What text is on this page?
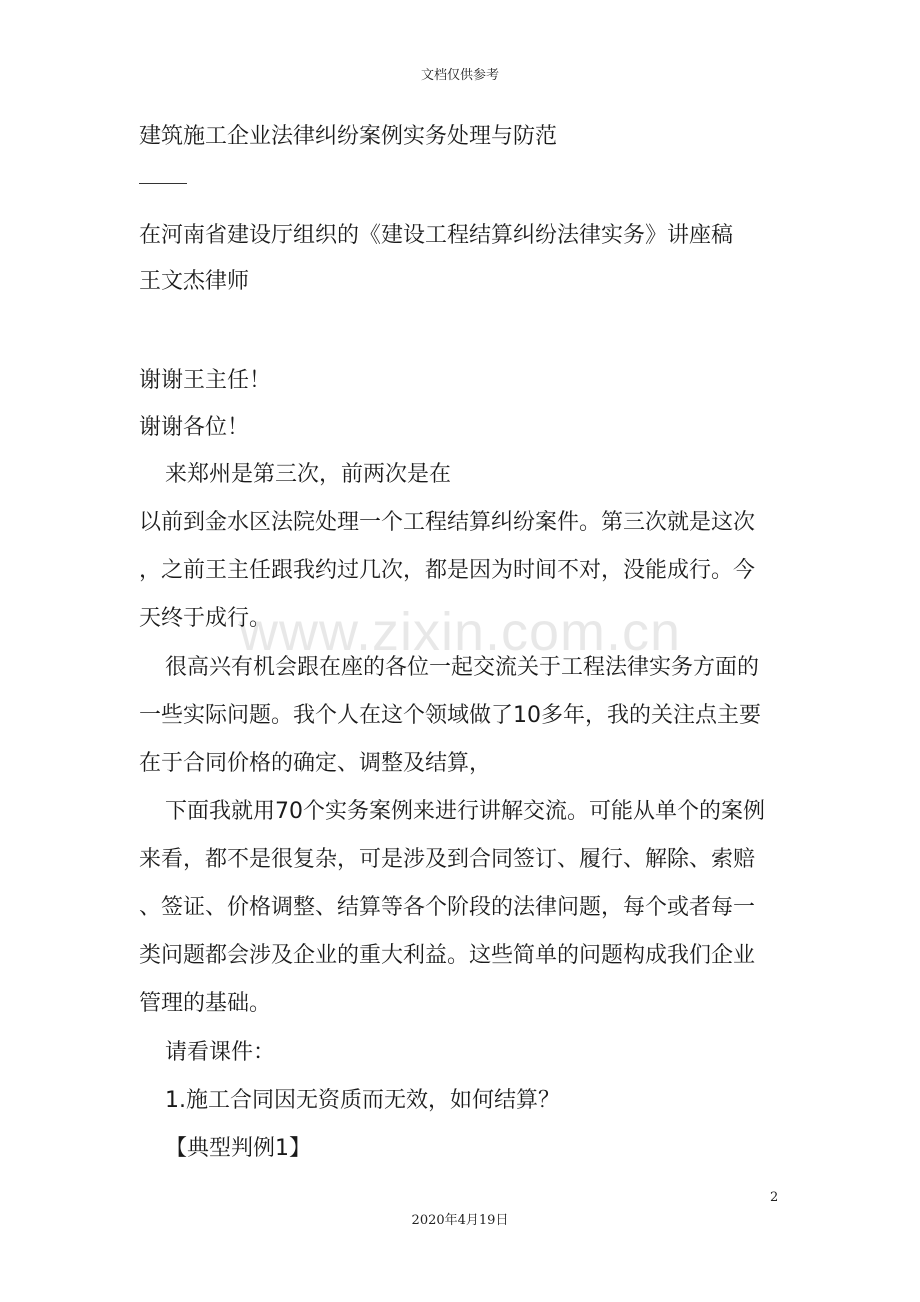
文档仅供参考
建筑施工企业法律纠纷案例实务处理与防范
在河南省建设厅组织的《建设工程结算纠纷法律实务》讲座稿
王文杰律师
谢谢王主任！
谢谢各位！
来郑州是第三次，前两次是在
以前到金水区法院处理一个工程结算纠纷案件。第三次就是这次
，之前王主任跟我约过几次，都是因为时间不对，没能成行。今
天终于成行。
很高兴有机会跟在座的各位一起交流关于工程法律实务方面的
一些实际问题。我个人在这个领域做了10多年，我的关注点主要
在于合同价格的确定、调整及结算，
下面我就用70个实务案例来进行讲解交流。可能从单个的案例
来看，都不是很复杂，可是涉及到合同签订、履行、解除、索赔
、签证、价格调整、结算等各个阶段的法律问题，每个或者每一
类问题都会涉及企业的重大利益。这些简单的问题构成我们企业
管理的基础。
请看课件：
1.施工合同因无资质而无效，如何结算？
【典型判例1】
www.zixin.com.cn
2
2020年4月19日
